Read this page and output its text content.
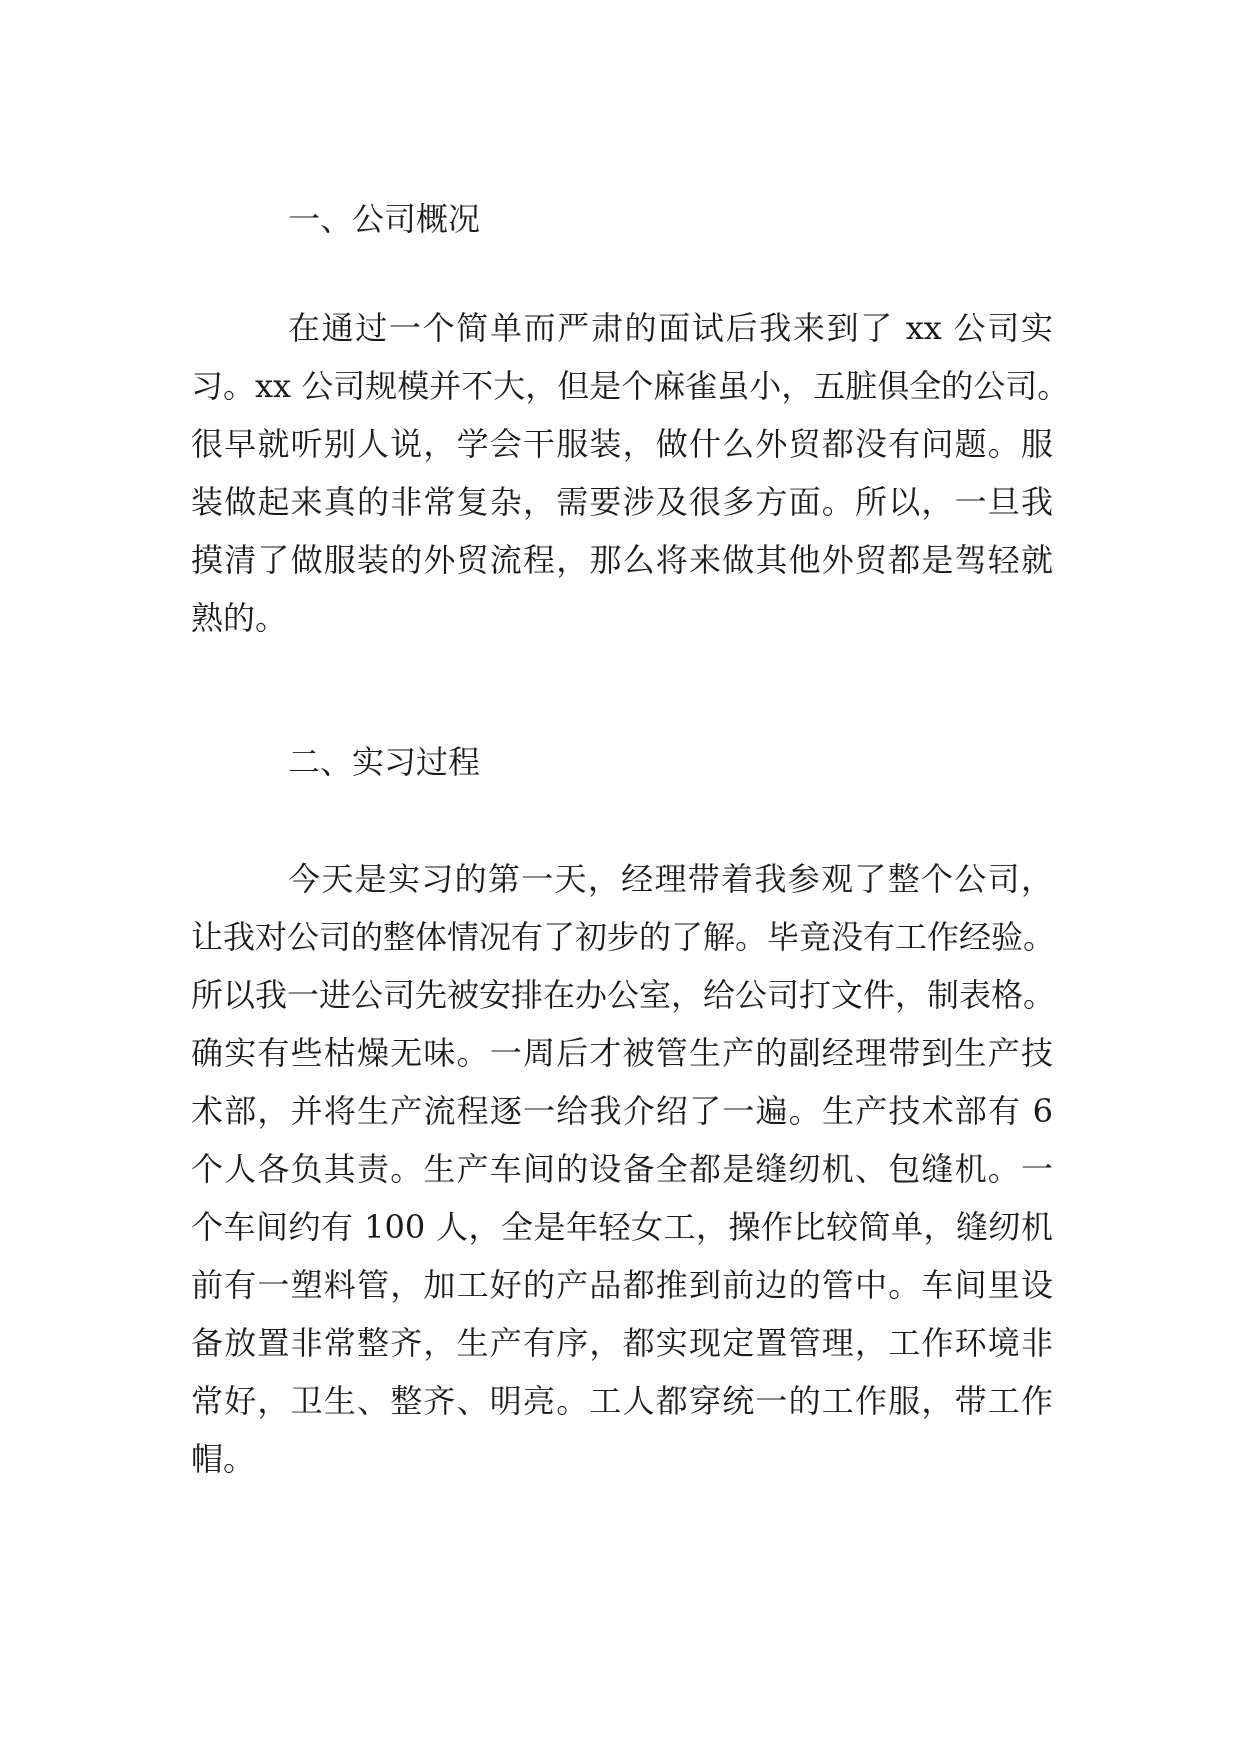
一、公司概况
在通过一个简单而严肃的面试后我来到了 xx 公司实
习。xx 公司规模并不大，但是个麻雀虽小，五脏俱全的公司。
很早就听别人说，学会干服装，做什么外贸都没有问题。服
装做起来真的非常复杂，需要涉及很多方面。所以，一旦我
摸清了做服装的外贸流程，那么将来做其他外贸都是驾轻就
熟的。
二、实习过程
今天是实习的第一天，经理带着我参观了整个公司，
让我对公司的整体情况有了初步的了解。毕竟没有工作经验。
所以我一进公司先被安排在办公室，给公司打文件，制表格。
确实有些枯燥无味。一周后才被管生产的副经理带到生产技
术部，并将生产流程逐一给我介绍了一遍。生产技术部有 6
个人各负其责。生产车间的设备全都是缝纫机、包缝机。一
个车间约有 100 人，全是年轻女工，操作比较简单，缝纫机
前有一塑料管，加工好的产品都推到前边的管中。车间里设
备放置非常整齐，生产有序，都实现定置管理，工作环境非
常好，卫生、整齐、明亮。工人都穿统一的工作服，带工作
帽。
